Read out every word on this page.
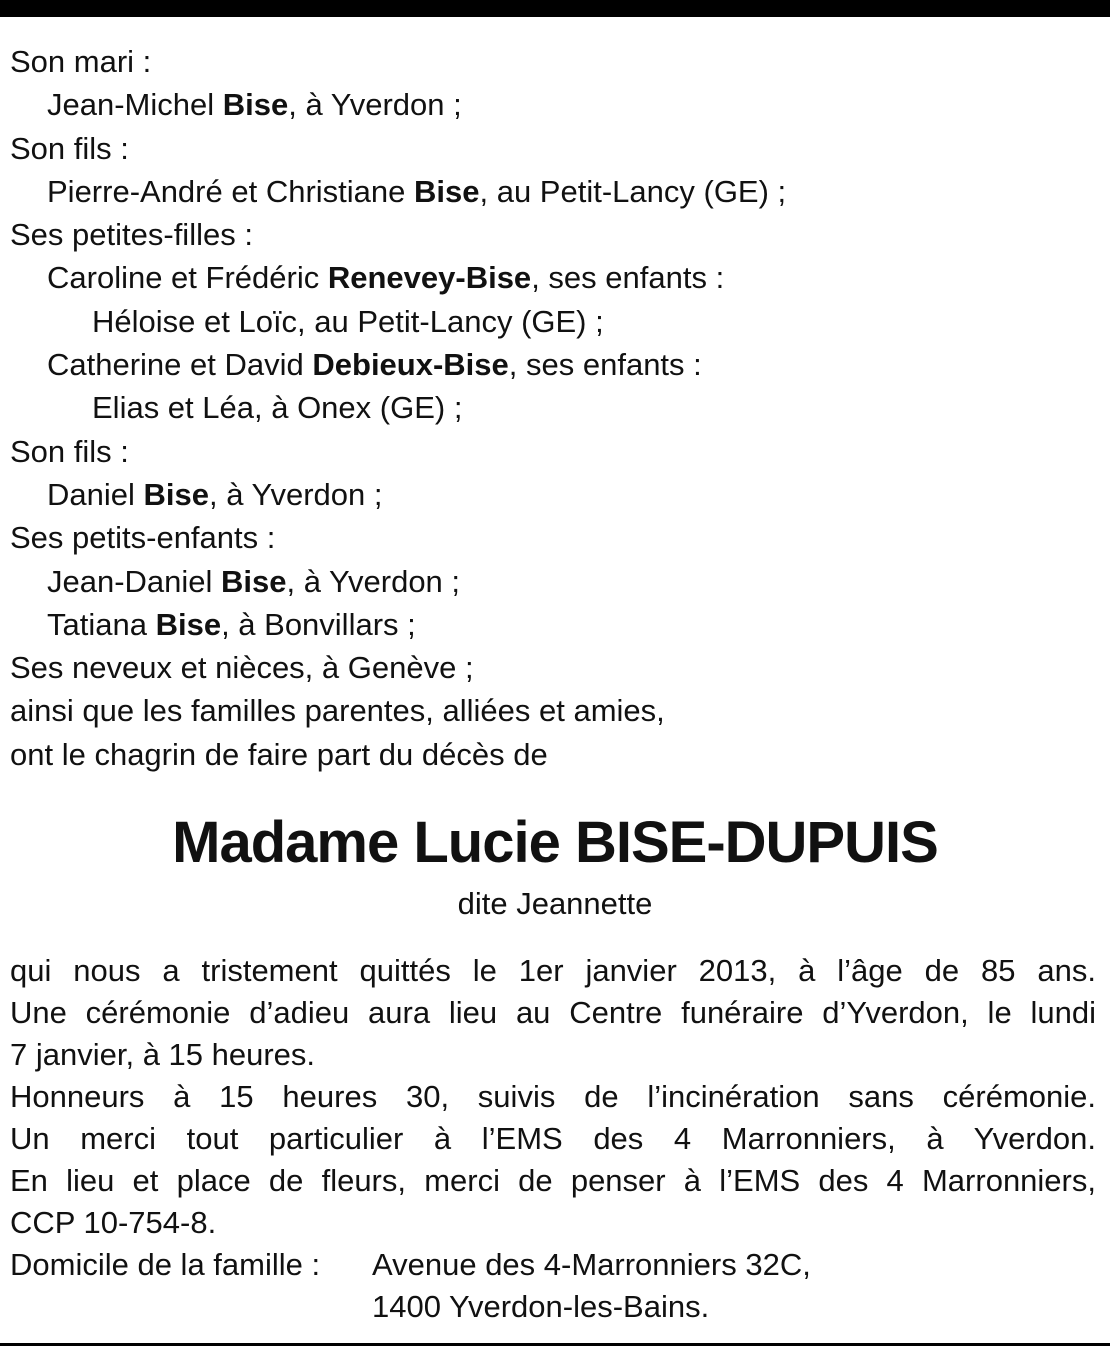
Son mari :
Jean-Michel Bise, à Yverdon ;
Son fils :
Pierre-André et Christiane Bise, au Petit-Lancy (GE) ;
Ses petites-filles :
Caroline et Frédéric Renevey-Bise, ses enfants :
Héloise et Loïc, au Petit-Lancy (GE) ;
Catherine et David Debieux-Bise, ses enfants :
Elias et Léa, à Onex (GE) ;
Son fils :
Daniel Bise, à Yverdon ;
Ses petits-enfants :
Jean-Daniel Bise, à Yverdon ;
Tatiana Bise, à Bonvillars ;
Ses neveux et nièces, à Genève ;
ainsi que les familles parentes, alliées et amies,
ont le chagrin de faire part du décès de
Madame Lucie BISE-DUPUIS
dite Jeannette
qui nous a tristement quittés le 1er janvier 2013, à l’âge de 85 ans.
Une cérémonie d’adieu aura lieu au Centre funéraire d’Yverdon, le lundi
7 janvier, à 15 heures.
Honneurs à 15 heures 30, suivis de l’incinération sans cérémonie.
Un merci tout particulier à l’EMS des 4 Marronniers, à Yverdon.
En lieu et place de fleurs, merci de penser à l’EMS des 4 Marronniers,
CCP 10-754-8.
Domicile de la famille :	Avenue des 4-Marronniers 32C,
1400 Yverdon-les-Bains.
